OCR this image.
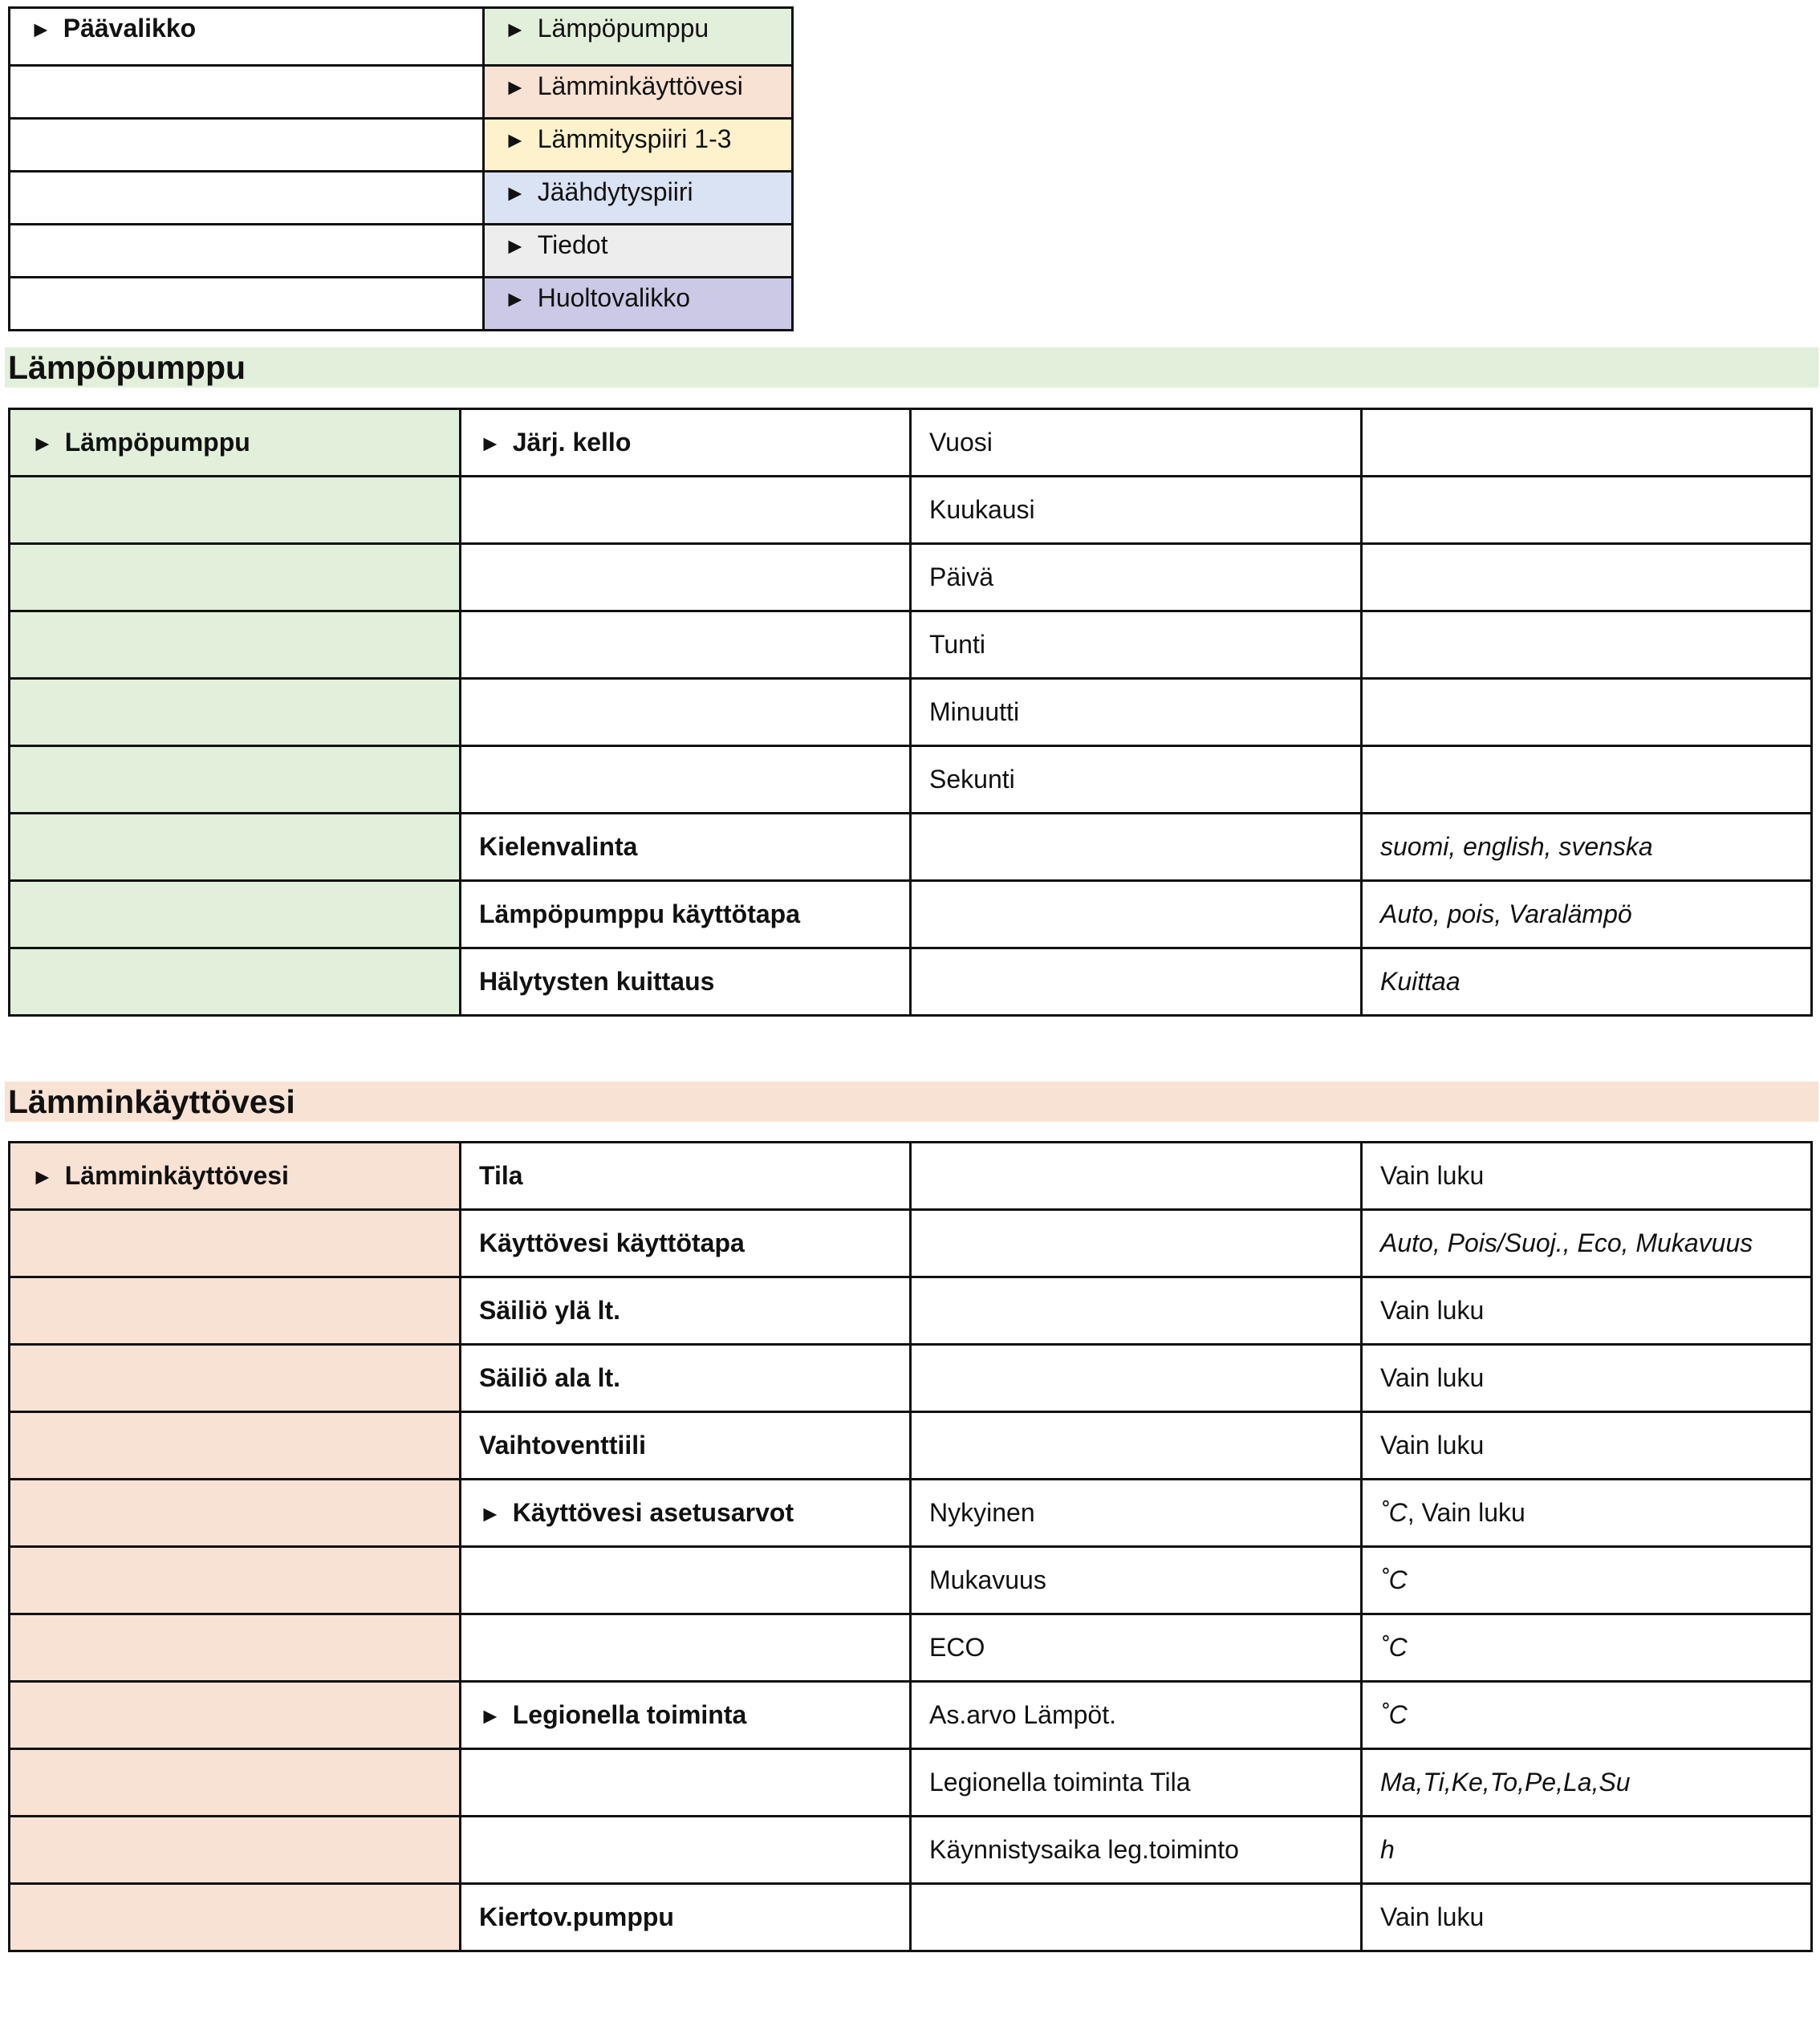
► Päävalikko	► Lämpöpumppu

	► Lämminkäyttövesi

	► Lämmityspiiri 1-3

	► Jäähdytyspiiri

	► Tiedot

	► Huoltovalikko
Lämpöpumppu
► Lämpöpumppu	► Järj. kello	Vuosi	
		Kuukausi	
		Päivä	
		Tunti	
		Minuutti	
		Sekunti	
	Kielenvalinta		suomi, english, svenska
	Lämpöpumppu käyttötapa		Auto, pois, Varalämpö
	Hälytysten kuittaus		Kuittaa
Lämminkäyttövesi
► Lämminkäyttövesi	Tila		Vain luku
	Käyttövesi käyttötapa		Auto, Pois/Suoj., Eco, Mukavuus
	Säiliö ylä lt.		Vain luku
	Säiliö ala lt.		Vain luku
	Vaihtoventtiili		Vain luku
	► Käyttövesi asetusarvot	Nykyinen	˚C, Vain luku
		Mukavuus	˚C
		ECO	˚C
	► Legionella toiminta	As.arvo Lämpöt.	˚C
		Legionella toiminta Tila	Ma,Ti,Ke,To,Pe,La,Su
		Käynnistysaika leg.toiminto	h
	Kiertov.pumppu		Vain luku
